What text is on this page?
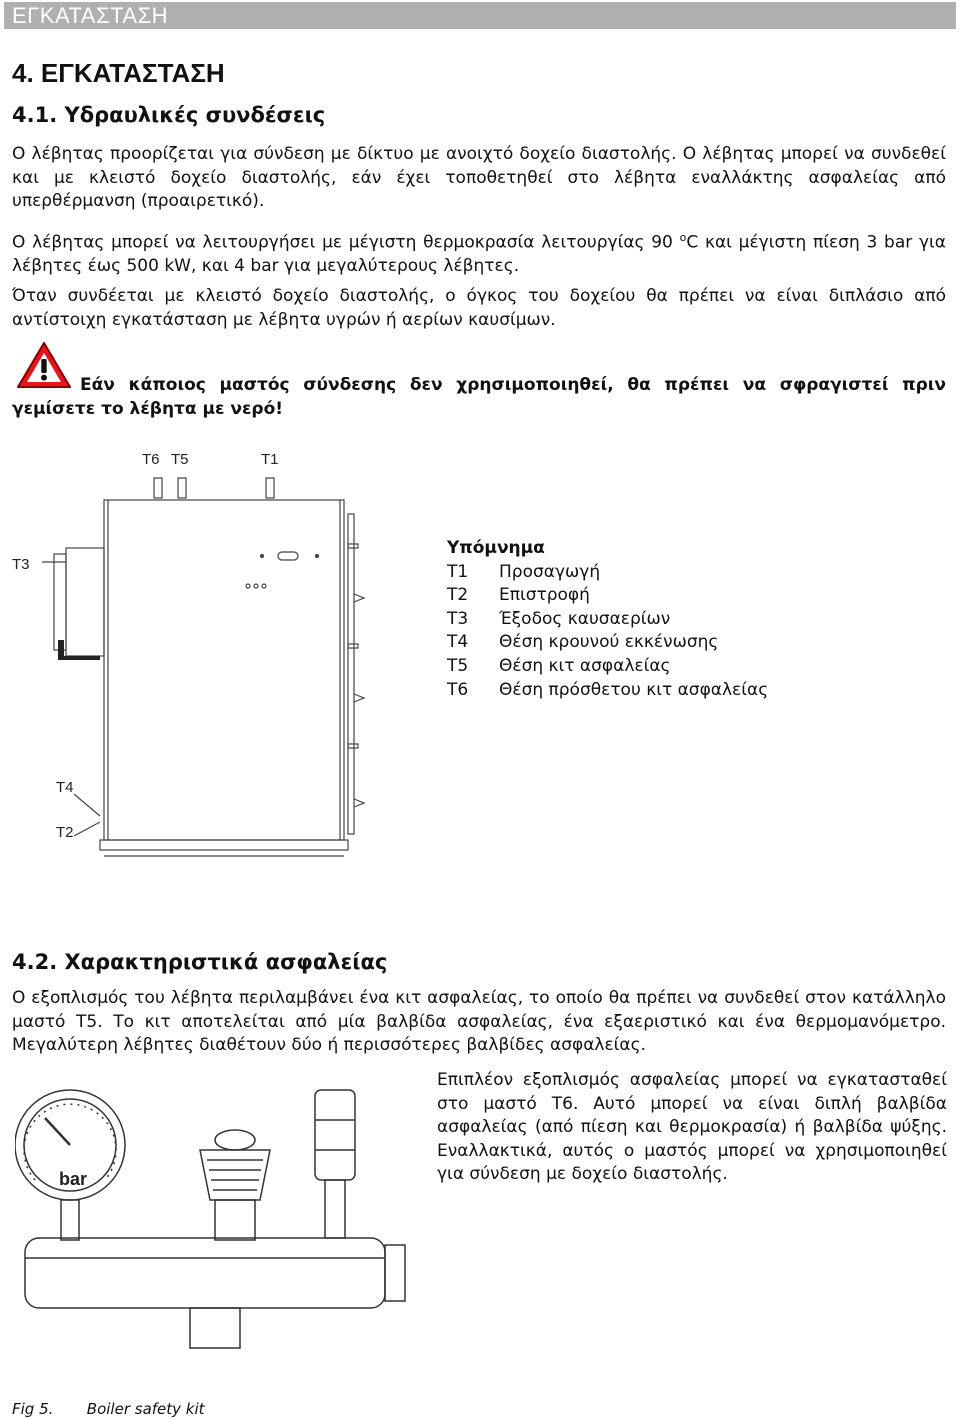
ΕΓΚΑΤΑΣΤΑΣΗ
4. ΕΓΚΑΤΑΣΤΑΣΗ
4.1. Υδραυλικές συνδέσεις
Ο λέβητας προορίζεται για σύνδεση με δίκτυο με ανοιχτό δοχείο διαστολής. Ο λέβητας μπορεί να συνδεθεί και με κλειστό δοχείο διαστολής, εάν έχει τοποθετηθεί στο λέβητα εναλλάκτης ασφαλείας από υπερθέρμανση (προαιρετικό).
Ο λέβητας μπορεί να λειτουργήσει με μέγιστη θερμοκρασία λειτουργίας 90 $^o$C και μέγιστη πίεση 3 bar για λέβητες έως 500 kW, και 4 bar για μεγαλύτερους λέβητες.
Όταν συνδέεται με κλειστό δοχείο διαστολής, ο όγκος του δοχείου θα πρέπει να είναι διπλάσιο από αντίστοιχη εγκατάσταση με λέβητα υγρών ή αερίων καυσίμων.
Εάν κάποιος μαστός σύνδεσης δεν χρησιμοποιηθεί, θα πρέπει να σφραγιστεί πριν γεμίσετε το λέβητα με νερό!
T6 T5	T1
T3
T4
T2
Υπόμνημα
T1	Προσαγωγή
T2	Επιστροφή
T3	Έξοδος καυσαερίων
T4	Θέση κρουνού εκκένωσης
T5	Θέση κιτ ασφαλείας
T6	Θέση πρόσθετου κιτ ασφαλείας
4.2. Χαρακτηριστικά ασφαλείας
Ο εξοπλισμός του λέβητα περιλαμβάνει ένα κιτ ασφαλείας, το οποίο θα πρέπει να συνδεθεί στον κατάλληλο μαστό T5. Το κιτ αποτελείται από μία βαλβίδα ασφαλείας, ένα εξαεριστικό και ένα θερμομανόμετρο. Μεγαλύτερη λέβητες διαθέτουν δύο ή περισσότερες βαλβίδες ασφαλείας.
bar
Επιπλέον εξοπλισμός ασφαλείας μπορεί να εγκατασταθεί στο μαστό T6. Αυτό μπορεί να είναι διπλή βαλβίδα ασφαλείας (από πίεση και θερμοκρασία) ή βαλβίδα ψύξης. Εναλλακτικά, αυτός ο μαστός μπορεί να χρησιμοποιηθεί για σύνδεση με δοχείο διαστολής.
Fig 5. Boiler safety kit
